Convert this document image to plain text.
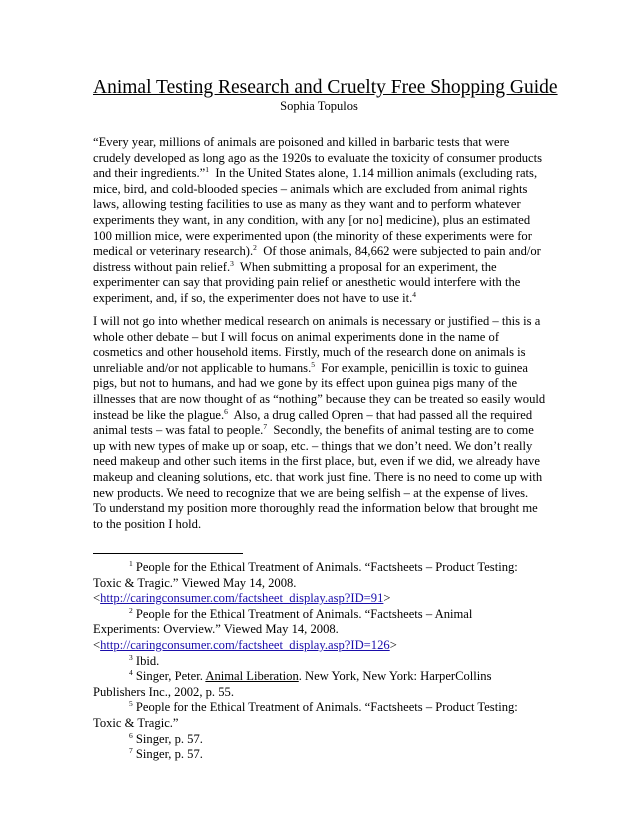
Animal Testing Research and Cruelty Free Shopping Guide
Sophia Topulos
“Every year, millions of animals are poisoned and killed in barbaric tests that were
crudely developed as long ago as the 1920s to evaluate the toxicity of consumer products
and their ingredients.”$^1$  In the United States alone, 1.14 million animals (excluding rats,
mice, bird, and cold-blooded species – animals which are excluded from animal rights
laws, allowing testing facilities to use as many as they want and to perform whatever
experiments they want, in any condition, with any [or no] medicine), plus an estimated
100 million mice, were experimented upon (the minority of these experiments were for
medical or veterinary research).$^2$  Of those animals, 84,662 were subjected to pain and/or
distress without pain relief.$^3$  When submitting a proposal for an experiment, the
experimenter can say that providing pain relief or anesthetic would interfere with the
experiment, and, if so, the experimenter does not have to use it.$^4$
I will not go into whether medical research on animals is necessary or justified – this is a
whole other debate – but I will focus on animal experiments done in the name of
cosmetics and other household items. Firstly, much of the research done on animals is
unreliable and/or not applicable to humans.$^5$  For example, penicillin is toxic to guinea
pigs, but not to humans, and had we gone by its effect upon guinea pigs many of the
illnesses that are now thought of as “nothing” because they can be treated so easily would
instead be like the plague.$^6$  Also, a drug called Opren – that had passed all the required
animal tests – was fatal to people.$^7$  Secondly, the benefits of animal testing are to come
up with new types of make up or soap, etc. – things that we don’t need. We don’t really
need makeup and other such items in the first place, but, even if we did, we already have
makeup and cleaning solutions, etc. that work just fine. There is no need to come up with
new products. We need to recognize that we are being selfish – at the expense of lives.
To understand my position more thoroughly read the information below that brought me
to the position I hold.
$^1$ People for the Ethical Treatment of Animals. “Factsheets – Product Testing:
Toxic & Tragic.” Viewed May 14, 2008.
<http://caringconsumer.com/factsheet_display.asp?ID=91>
$^2$ People for the Ethical Treatment of Animals. “Factsheets – Animal
Experiments: Overview.” Viewed May 14, 2008.
<http://caringconsumer.com/factsheet_display.asp?ID=126>
$^3$ Ibid.
$^4$ Singer, Peter. Animal Liberation. New York, New York: HarperCollins
Publishers Inc., 2002, p. 55.
$^5$ People for the Ethical Treatment of Animals. “Factsheets – Product Testing:
Toxic & Tragic.”
$^6$ Singer, p. 57.
$^7$ Singer, p. 57.
